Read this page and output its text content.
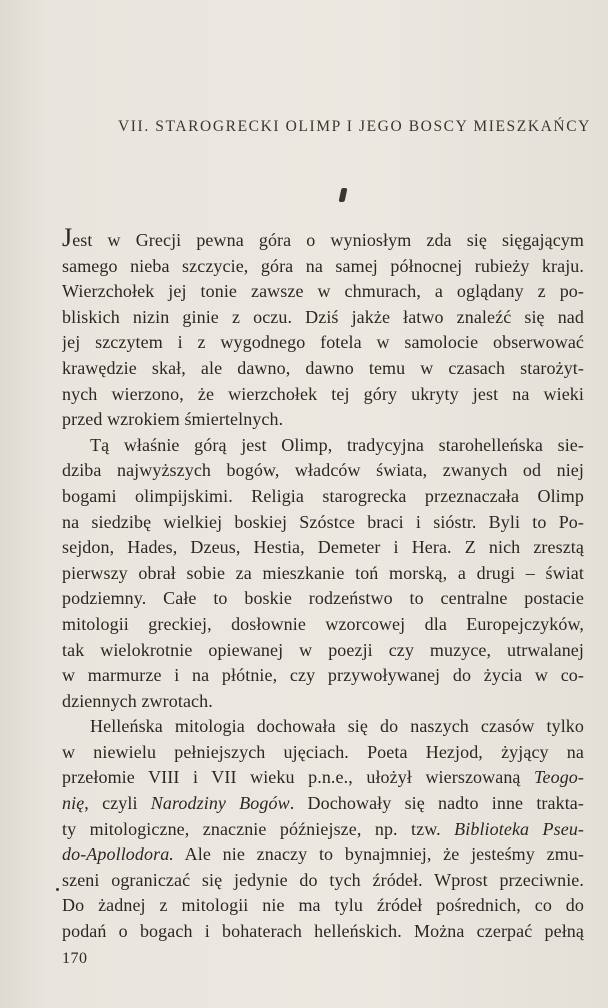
VII. STAROGRECKI OLIMP I JEGO BOSCY MIESZKAŃCY
Jest w Grecji pewna góra o wyniosłym zda się sięgającym
samego nieba szczycie, góra na samej północnej rubieży kraju.
Wierzchołek jej tonie zawsze w chmurach, a oglądany z po-
bliskich nizin ginie z oczu. Dziś jakże łatwo znaleźć się nad
jej szczytem i z wygodnego fotela w samolocie obserwować
krawędzie skał, ale dawno, dawno temu w czasach starożyt-
nych wierzono, że wierzchołek tej góry ukryty jest na wieki
przed wzrokiem śmiertelnych.
Tą właśnie górą jest Olimp, tradycyjna starohelleńska sie-
dziba najwyższych bogów, władców świata, zwanych od niej
bogami olimpijskimi. Religia starogrecka przeznaczała Olimp
na siedzibę wielkiej boskiej Szóstce braci i sióstr. Byli to Po-
sejdon, Hades, Dzeus, Hestia, Demeter i Hera. Z nich zresztą
pierwszy obrał sobie za mieszkanie toń morską, a drugi – świat
podziemny. Całe to boskie rodzeństwo to centralne postacie
mitologii greckiej, dosłownie wzorcowej dla Europejczyków,
tak wielokrotnie opiewanej w poezji czy muzyce, utrwalanej
w marmurze i na płótnie, czy przywoływanej do życia w co-
dziennych zwrotach.
Helleńska mitologia dochowała się do naszych czasów tylko
w niewielu pełniejszych ujęciach. Poeta Hezjod, żyjący na
przełomie VIII i VII wieku p.n.e., ułożył wierszowaną Teogo-
nię, czyli Narodziny Bogów. Dochowały się nadto inne trakta-
ty mitologiczne, znacznie późniejsze, np. tzw. Biblioteka Pseu-
do-Apollodora. Ale nie znaczy to bynajmniej, że jesteśmy zmu-
szeni ograniczać się jedynie do tych źródeł. Wprost przeciwnie.
Do żadnej z mitologii nie ma tylu źródeł pośrednich, co do
podań o bogach i bohaterach helleńskich. Można czerpać pełną
170
